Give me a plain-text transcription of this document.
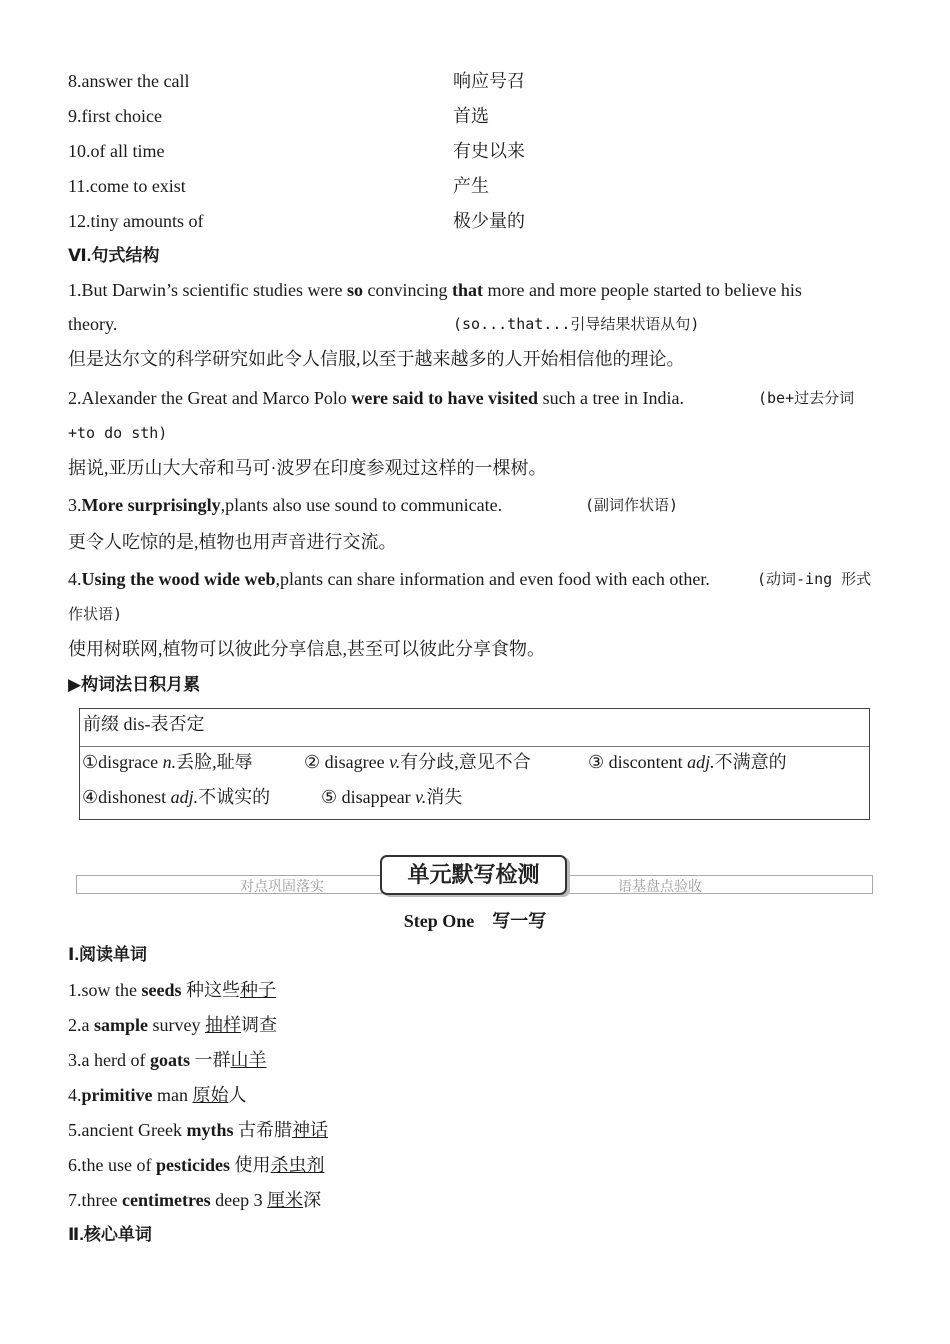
8.answer the call	响应号召
9.first choice	首选
10.of all time	有史以来
11.come to exist	产生
12.tiny amounts of	极少量的
Ⅵ.句式结构
1.But Darwin’s scientific studies were so convincing that more and more people started to believe his
theory.	(so...that...引导结果状语从句)
但是达尔文的科学研究如此令人信服,以至于越来越多的人开始相信他的理论。
2.Alexander the Great and Marco Polo were said to have visited such a tree in India.	(be+过去分词
+to do sth)
据说,亚历山大大帝和马可·波罗在印度参观过这样的一棵树。
3.More surprisingly,plants also use sound to communicate.	(副词作状语)
更令人吃惊的是,植物也用声音进行交流。
4.Using the wood wide web,plants can share information and even food with each other.	(动词-ing 形式
作状语)
使用树联网,植物可以彼此分享信息,甚至可以彼此分享食物。
▶构词法日积月累
前缀 dis-表否定
①disgrace n.丢脸,耻辱	② disagree v.有分歧,意见不合	③ discontent adj.不满意的
④dishonest adj.不诚实的	⑤ disappear v.消失
对点巩固落实	语基盘点验收
单元默写检测
Step One　写一写
Ⅰ.阅读单词
1.sow the seeds 种这些种子
2.a sample survey 抽样调查
3.a herd of goats 一群山羊
4.primitive man 原始人
5.ancient Greek myths 古希腊神话
6.the use of pesticides 使用杀虫剂
7.three centimetres deep 3 厘米深
Ⅱ.核心单词
